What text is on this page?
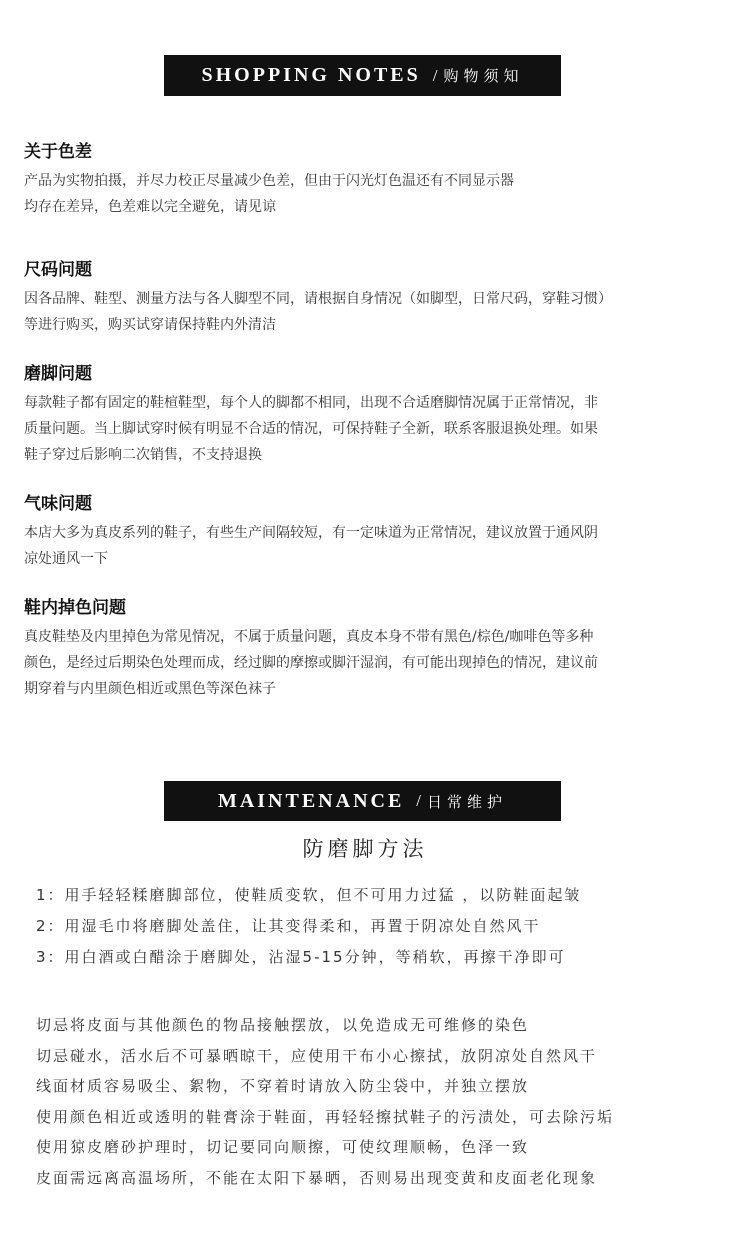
SHOPPING NOTES / 购物须知
关于色差

产品为实物拍摄，并尽力校正尽量减少色差，但由于闪光灯色温还有不同显示器
均存在差异，色差难以完全避免，请见谅

尺码问题

因各品牌、鞋型、测量方法与各人脚型不同，请根据自身情况（如脚型，日常尺码，穿鞋习惯）
等进行购买，购买试穿请保持鞋内外清洁

磨脚问题

每款鞋子都有固定的鞋楦鞋型，每个人的脚都不相同，出现不合适磨脚情况属于正常情况，非
质量问题。当上脚试穿时候有明显不合适的情况，可保持鞋子全新，联系客服退换处理。如果
鞋子穿过后影响二次销售，不支持退换

气味问题

本店大多为真皮系列的鞋子，有些生产间隔较短，有一定味道为正常情况，建议放置于通风阴
凉处通风一下

鞋内掉色问题

真皮鞋垫及内里掉色为常见情况，不属于质量问题，真皮本身不带有黑色/棕色/咖啡色等多种
颜色，是经过后期染色处理而成，经过脚的摩擦或脚汗湿润，有可能出现掉色的情况，建议前
期穿着与内里颜色相近或黑色等深色袜子

MAINTENANCE / 日常维护
防磨脚方法
1：用手轻轻糅磨脚部位，使鞋质变软，但不可用力过猛 ，以防鞋面起皱
2：用湿毛巾将磨脚处盖住，让其变得柔和，再置于阴凉处自然风干
3：用白酒或白醋涂于磨脚处，沾湿5-15分钟，等稍软，再擦干净即可
切忌将皮面与其他颜色的物品接触摆放，以免造成无可维修的染色
切忌碰水，活水后不可暴晒晾干，应使用干布小心擦拭，放阴凉处自然风干
线面材质容易吸尘、絮物，不穿着时请放入防尘袋中，并独立摆放
使用颜色相近或透明的鞋膏涂于鞋面，再轻轻擦拭鞋子的污渍处，可去除污垢
使用猄皮磨砂护理时，切记要同向顺擦，可使纹理顺畅，色泽一致
皮面需远离高温场所，不能在太阳下暴晒，否则易出现变黄和皮面老化现象
